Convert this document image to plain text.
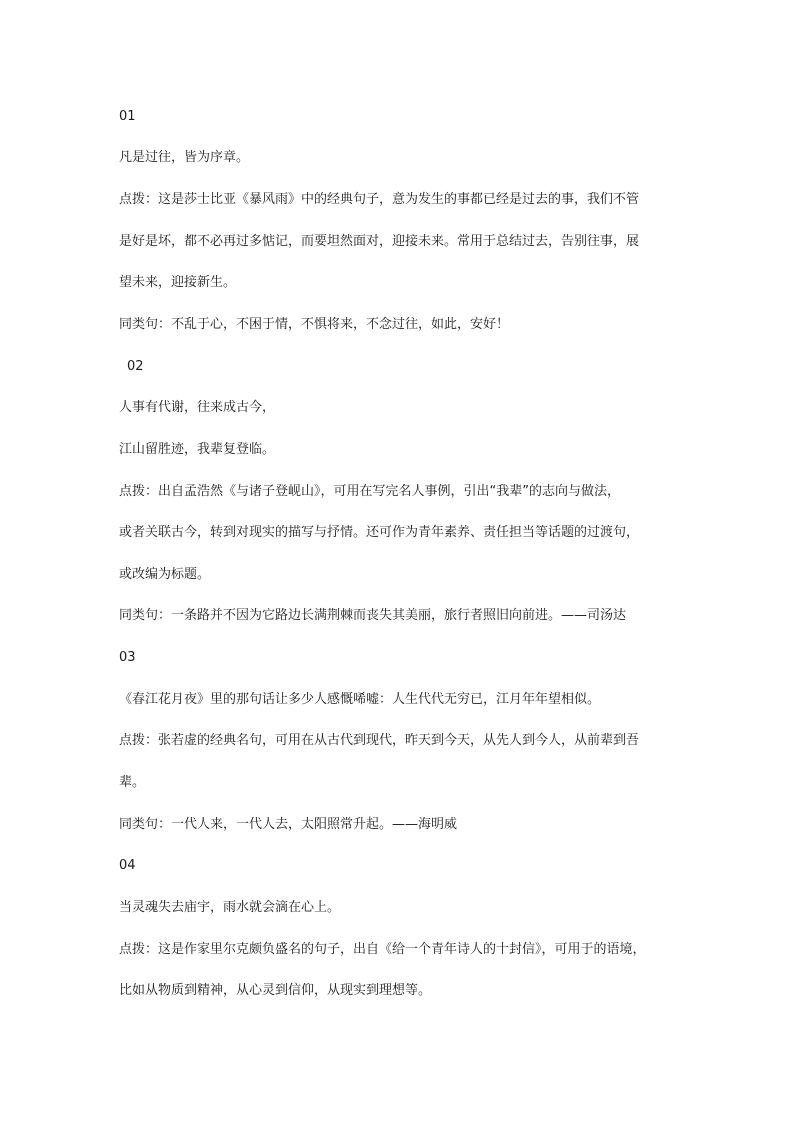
01
凡是过往，皆为序章。
点拨：这是莎士比亚《暴风雨》中的经典句子，意为发生的事都已经是过去的事，我们不管
是好是坏，都不必再过多惦记，而要坦然面对，迎接未来。常用于总结过去，告别往事，展
望未来，迎接新生。
同类句：不乱于心，不困于情，不惧将来，不念过往，如此，安好！
02
人事有代谢，往来成古今，
江山留胜迹，我辈复登临。
点拨：出自孟浩然《与诸子登岘山》，可用在写完名人事例，引出“我辈”的志向与做法，
或者关联古今，转到对现实的描写与抒情。还可作为青年素养、责任担当等话题的过渡句，
或改编为标题。
同类句：一条路并不因为它路边长满荆棘而丧失其美丽，旅行者照旧向前进。——司汤达
03
《春江花月夜》里的那句话让多少人感慨唏嘘：人生代代无穷已，江月年年望相似。
点拨：张若虚的经典名句，可用在从古代到现代，昨天到今天，从先人到今人，从前辈到吾
辈。
同类句：一代人来，一代人去，太阳照常升起。——海明威
04
当灵魂失去庙宇，雨水就会滴在心上。
点拨：这是作家里尔克颇负盛名的句子，出自《给一个青年诗人的十封信》，可用于的语境，
比如从物质到精神，从心灵到信仰，从现实到理想等。
